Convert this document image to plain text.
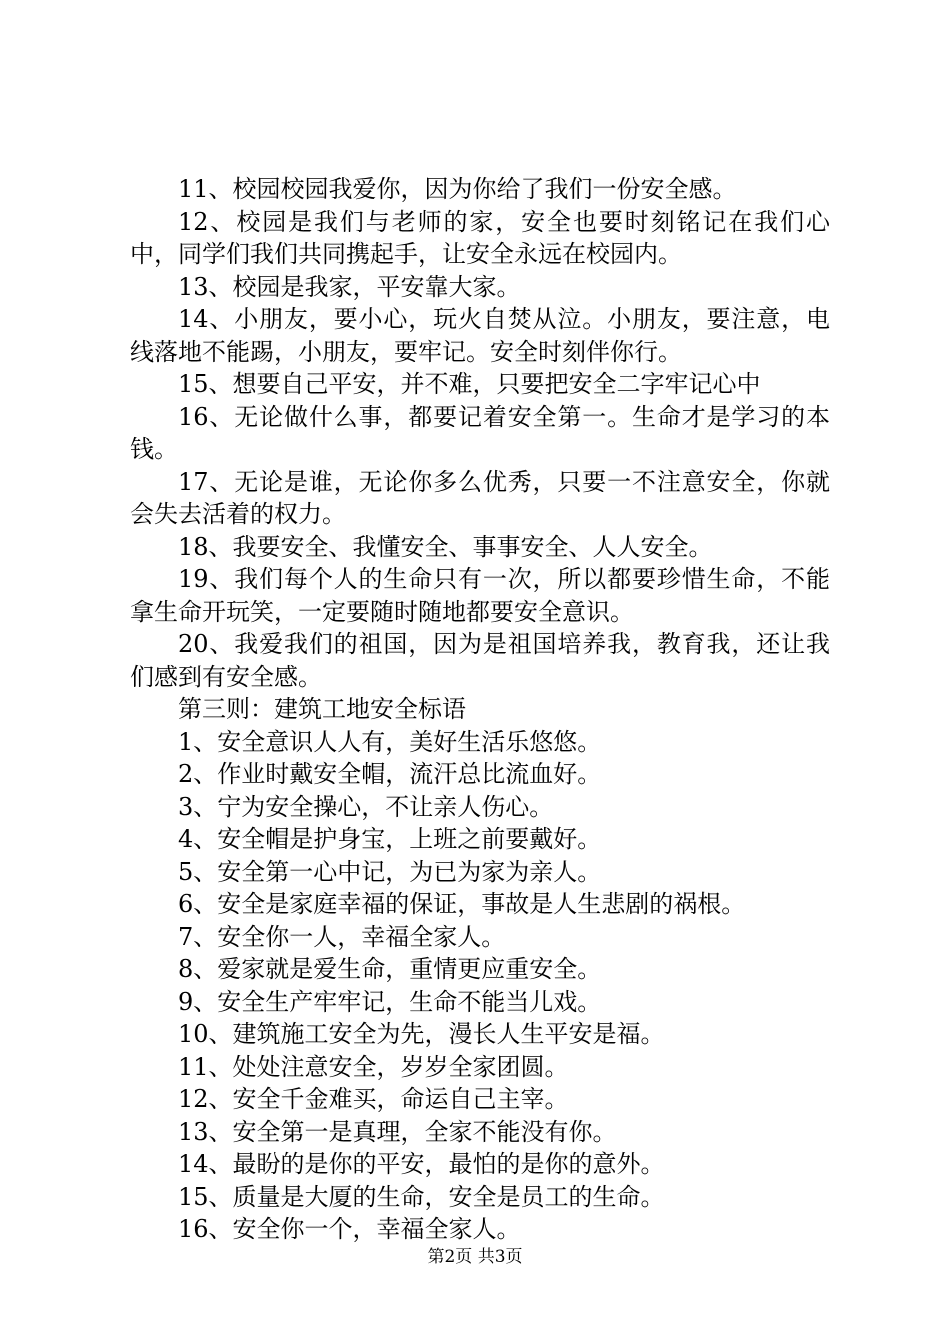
11、校园校园我爱你，因为你给了我们一份安全感。

12、校园是我们与老师的家，安全也要时刻铭记在我们心中，同学们我们共同携起手，让安全永远在校园内。

13、校园是我家，平安靠大家。

14、小朋友，要小心，玩火自焚从泣。小朋友，要注意，电线落地不能踢，小朋友，要牢记。安全时刻伴你行。

15、想要自己平安，并不难，只要把安全二字牢记心中

16、无论做什么事，都要记着安全第一。生命才是学习的本钱。

17、无论是谁，无论你多么优秀，只要一不注意安全，你就会失去活着的权力。

18、我要安全、我懂安全、事事安全、人人安全。

19、我们每个人的生命只有一次，所以都要珍惜生命，不能拿生命开玩笑，一定要随时随地都要安全意识。

20、我爱我们的祖国，因为是祖国培养我，教育我，还让我们感到有安全感。

第三则：建筑工地安全标语

1、安全意识人人有，美好生活乐悠悠。

2、作业时戴安全帽，流汗总比流血好。

3、宁为安全操心，不让亲人伤心。

4、安全帽是护身宝，上班之前要戴好。

5、安全第一心中记，为已为家为亲人。

6、安全是家庭幸福的保证，事故是人生悲剧的祸根。

7、安全你一人，幸福全家人。

8、爱家就是爱生命，重情更应重安全。

9、安全生产牢牢记，生命不能当儿戏。

10、建筑施工安全为先，漫长人生平安是福。

11、处处注意安全，岁岁全家团圆。

12、安全千金难买，命运自己主宰。

13、安全第一是真理，全家不能没有你。

14、最盼的是你的平安，最怕的是你的意外。

15、质量是大厦的生命，安全是员工的生命。

16、安全你一个，幸福全家人。

第2页 共3页
